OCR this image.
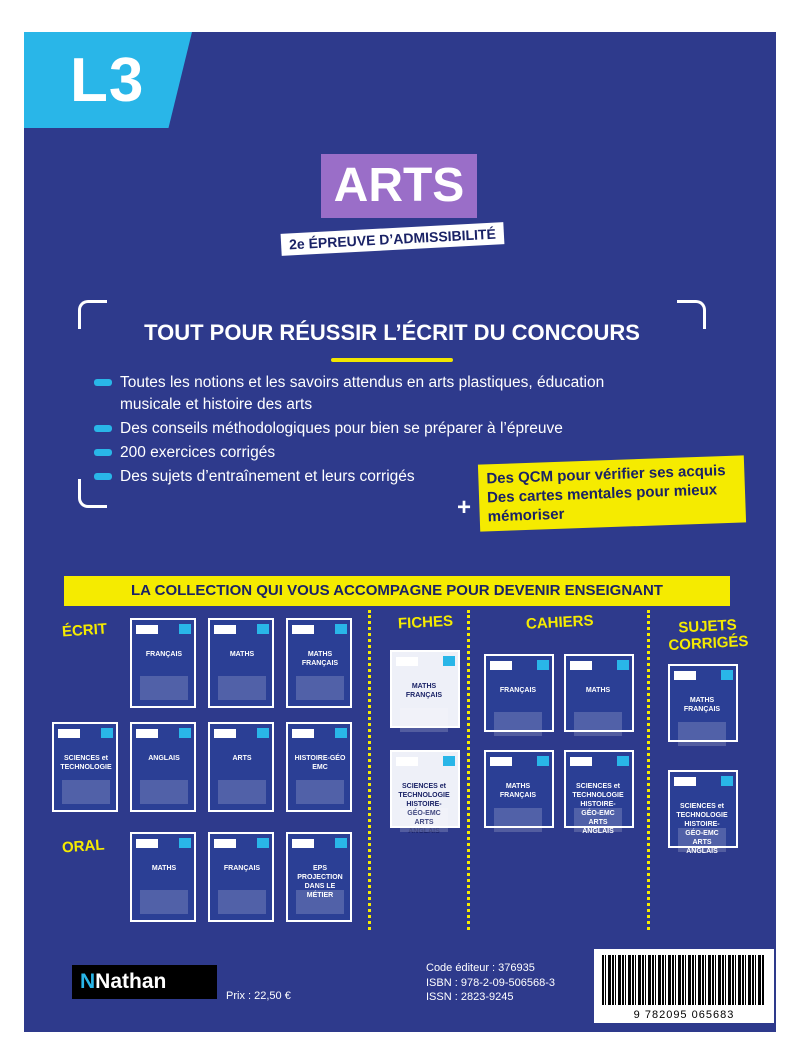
L3
ARTS
2e ÉPREUVE D’ADMISSIBILITÉ
TOUT POUR RÉUSSIR L’ÉCRIT DU CONCOURS
Toutes les notions et les savoirs attendus en arts plastiques, éducation musicale et histoire des arts
Des conseils méthodologiques pour bien se préparer à l’épreuve
200 exercices corrigés
Des sujets d’entraînement et leurs corrigés
+
Des QCM pour vérifier ses acquis
Des cartes mentales pour mieux mémoriser
LA COLLECTION QUI VOUS ACCOMPAGNE POUR DEVENIR ENSEIGNANT
ÉCRIT
ORAL
FICHES	CAHIERS	SUJETS CORRIGÉS
FRANÇAIS	MATHS	MATHS FRANÇAIS
SCIENCES et TECHNOLOGIE
ANGLAIS	ARTS	HISTOIRE-GÉO EMC
MATHS	FRANÇAIS	EPS PROJECTION DANS LE MÉTIER
MATHS FRANÇAIS
SCIENCES et TECHNOLOGIE HISTOIRE-GÉO-EMC ARTS ANGLAIS
FRANÇAIS	MATHS
MATHS FRANÇAIS
SCIENCES et TECHNOLOGIE HISTOIRE-GÉO-EMC ARTS ANGLAIS
MATHS FRANÇAIS
SCIENCES et TECHNOLOGIE HISTOIRE-GÉO-EMC ARTS ANGLAIS
NNathan
Prix : 22,50 €
Code éditeur : 376935
ISBN : 978-2-09-506568-3
ISSN : 2823-9245
9 782095 065683
